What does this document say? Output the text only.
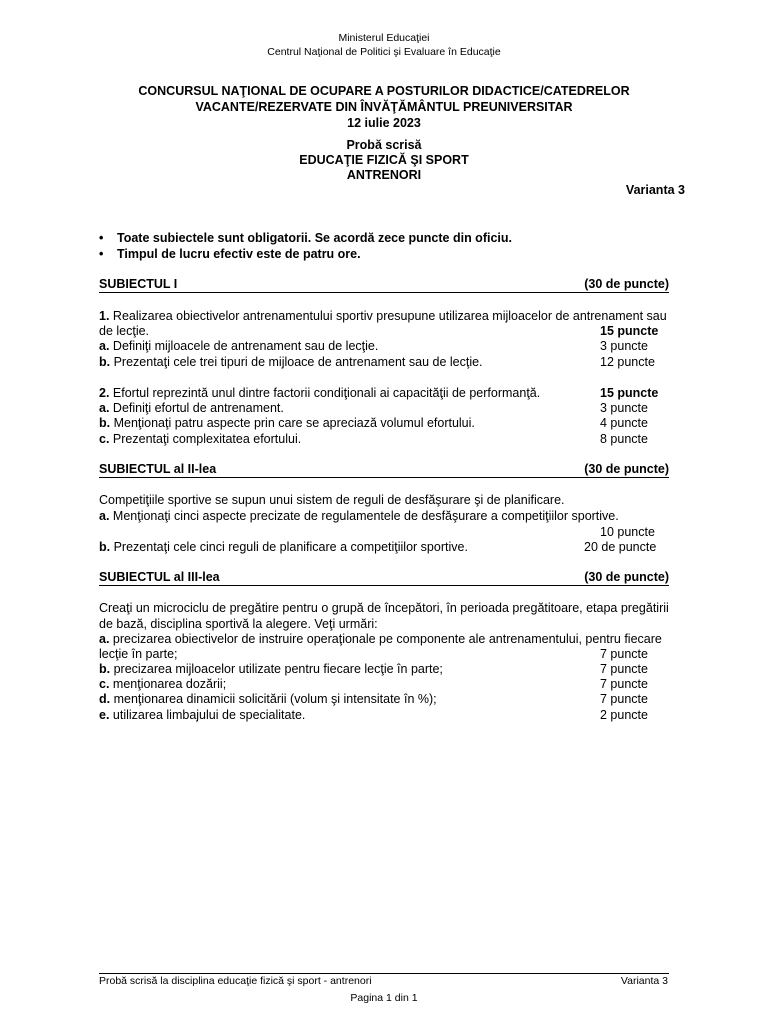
Ministerul Educaţiei
Centrul Naţional de Politici şi Evaluare în Educaţie
CONCURSUL NAŢIONAL DE OCUPARE A POSTURILOR DIDACTICE/CATEDRELOR
VACANTE/REZERVATE DIN ÎNVĂŢĂMÂNTUL PREUNIVERSITAR
12 iulie 2023
Probă scrisă
EDUCAŢIE FIZICĂ ŞI SPORT
ANTRENORI
Varianta 3
•	Toate subiectele sunt obligatorii. Se acordă zece puncte din oficiu.
•	Timpul de lucru efectiv este de patru ore.
SUBIECTUL I	(30 de puncte)
1. Realizarea obiectivelor antrenamentului sportiv presupune utilizarea mijloacelor de antrenament sau
de lecţie.	15 puncte
a. Definiţi mijloacele de antrenament sau de lecţie.	3 puncte
b. Prezentaţi cele trei tipuri de mijloace de antrenament sau de lecţie.	12 puncte
2. Efortul reprezintă unul dintre factorii condiţionali ai capacităţii de performanţă.	15 puncte
a. Definiţi efortul de antrenament.	3 puncte
b. Menţionaţi patru aspecte prin care se apreciază volumul efortului.	4 puncte
c. Prezentaţi complexitatea efortului.	8 puncte
SUBIECTUL al II-lea	(30 de puncte)
Competiţiile sportive se supun unui sistem de reguli de desfăşurare şi de planificare.
a. Menţionaţi cinci aspecte precizate de regulamentele de desfăşurare a competiţiilor sportive.
10 puncte
b. Prezentaţi cele cinci reguli de planificare a competiţiilor sportive.	20 de puncte
SUBIECTUL al III-lea	(30 de puncte)
Creaţi un microciclu de pregătire pentru o grupă de începători, în perioada pregătitoare, etapa pregătirii
de bază, disciplina sportivă la alegere. Veţi urmări:
a. precizarea obiectivelor de instruire operaţionale pe componente ale antrenamentului, pentru fiecare
lecţie în parte;	7 puncte
b. precizarea mijloacelor utilizate pentru fiecare lecţie în parte;	7 puncte
c. menţionarea dozării;	7 puncte
d. menţionarea dinamicii solicitării (volum şi intensitate în %);	7 puncte
e. utilizarea limbajului de specialitate.	2 puncte
Probă scrisă la disciplina educaţie fizică şi sport - antrenori	Varianta 3
Pagina 1 din 1
